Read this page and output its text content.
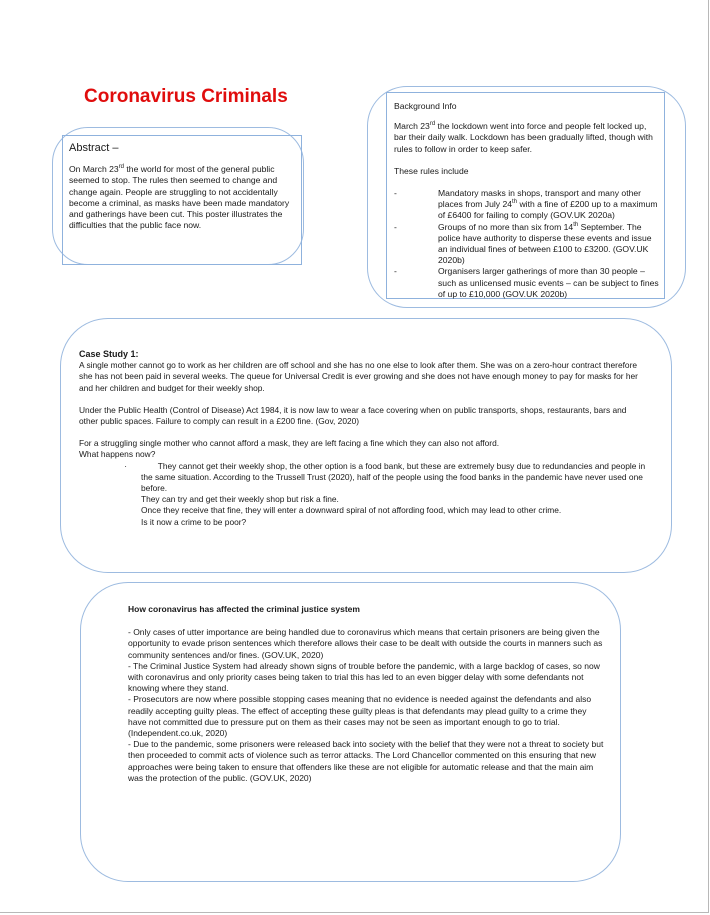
Coronavirus Criminals
Abstract –

On March 23rd the world for most of the general public seemed to stop. The rules then seemed to change and change again. People are struggling to not accidentally become a criminal, as masks have been made mandatory and gatherings have been cut. This poster illustrates the difficulties that the public face now.

Background Info

March 23rd the lockdown went into force and people felt locked up, bar their daily walk. Lockdown has been gradually lifted, though with rules to follow in order to keep safer.

These rules include

-	Mandatory masks in shops, transport and many other places from July 24th with a fine of £200 up to a maximum of £6400 for failing to comply (GOV.UK 2020a)
-	Groups of no more than six from 14th September. The police have authority to disperse these events and issue an individual fines of between £100 to £3200. (GOV.UK 2020b)
-	Organisers larger gatherings of more than 30 people – such as unlicensed music events – can be subject to fines of up to £10,000 (GOV.UK 2020b)

Case Study 1:

A single mother cannot go to work as her children are off school and she has no one else to look after them. She was on a zero-hour contract therefore she has not been paid in several weeks. The queue for Universal Credit is ever growing and she does not have enough money to pay for masks for her and her children and budget for their weekly shop.

Under the Public Health (Control of Disease) Act 1984, it is now law to wear a face covering when on public transports, shops, restaurants, bars and other public spaces. Failure to comply can result in a £200 fine. (Gov, 2020)

For a struggling single mother who cannot afford a mask, they are left facing a fine which they can also not afford.

What happens now?

·
  	They cannot get their weekly shop, the other option is a food bank, but these are extremely busy due to redundancies and people in the same situation. According to the Trussell Trust (2020), half of the people using the food banks in the pandemic have never used one before.

They can try and get their weekly shop but risk a fine.

Once they receive that fine, they will enter a downward spiral of not affording food, which may lead to other crime.

Is it now a crime to be poor?

How coronavirus has affected the criminal justice system

- Only cases of utter importance are being handled due to coronavirus which means that certain prisoners are being given the opportunity to evade prison sentences which therefore allows their case to be dealt with outside the courts in manners such as community sentences and/or fines. (GOV.UK, 2020)

- The Criminal Justice System had already shown signs of trouble before the pandemic, with a large backlog of cases, so now with coronavirus and only priority cases being taken to trial this has led to an even bigger delay with some defendants not knowing where they stand.

- Prosecutors are now where possible stopping cases meaning that no evidence is needed against the defendants and also readily accepting guilty pleas. The effect of accepting these guilty pleas is that defendants may plead guilty to a crime they have not committed due to pressure put on them as their cases may not be seen as important enough to go to trial. (Independent.co.uk, 2020)

- Due to the pandemic, some prisoners were released back into society with the belief that they were not a threat to society but then proceeded to commit acts of violence such as terror attacks. The Lord Chancellor commented on this ensuring that new approaches were being taken to ensure that offenders like these are not eligible for automatic release and that the main aim was the protection of the public. (GOV.UK, 2020)
